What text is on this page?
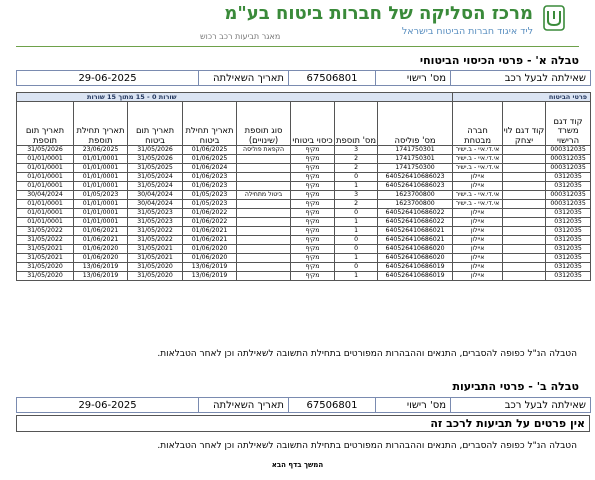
מרכז הסליקה של חברות ביטוח בע"מ
ליד איגוד חברות הביטוח בישראל
מאגר תביעות רכב רכוש
טבלה א' - פרטי הכיסוי הביטוחי
שאילתה לבעל רכב	מס' רישוי	67506801	תאריך השאילתה	29-06-2025
פרטי הביטוח			שורות 0 - 15 מתוך 15 שורות							
קוד דגם משרד הרישוי	קוד דגם לוי יצחק	חברה מבטחת	מס' פוליסה	מס' תוספת	כיסוי ביטוחי	סוג תוספת (שינויים)	תאריך תחילת ביטוח	תאריך תום ביטוח	תאריך תחילת תוספת	תאריך תום תוספת
000312035		אי.די.איי - ב.ישיר	1741750301	3	מקיף	הקפאת פוליסה	01/06/2025	31/05/2026	23/06/2025	31/05/2026
000312035		אי.די.איי - ב.ישיר	1741750301	2	מקיף		01/06/2025	31/05/2026	01/01/0001	01/01/0001
000312035		אי.די.איי - ב.ישיר	1741750300	2	מקיף		01/06/2024	31/05/2025	01/01/0001	01/01/0001
0312035		איילון	640526410686023	0	מקיף		01/06/2023	31/05/2024	01/01/0001	01/01/0001
0312035		איילון	640526410686023	1	מקיף		01/06/2023	31/05/2024	01/01/0001	01/01/0001
000312035		אי.די.איי - ב.ישיר	1623700800	3	מקיף	ביטול מתחילה	01/05/2023	30/04/2024	01/05/2023	30/04/2024
000312035		אי.די.איי - ב.ישיר	1623700800	2	מקיף		01/05/2023	30/04/2024	01/01/0001	01/01/0001
0312035		איילון	640526410686022	0	מקיף		01/06/2022	31/05/2023	01/01/0001	01/01/0001
0312035		איילון	640526410686022	1	מקיף		01/06/2022	31/05/2023	01/01/0001	01/01/0001
0312035		איילון	640526410686021	1	מקיף		01/06/2021	31/05/2022	01/06/2021	31/05/2022
0312035		איילון	640526410686021	0	מקיף		01/06/2021	31/05/2022	01/06/2021	31/05/2022
0312035		איילון	640526410686020	0	מקיף		01/06/2020	31/05/2021	01/06/2020	31/05/2021
0312035		איילון	640526410686020	1	מקיף		01/06/2020	31/05/2021	01/06/2020	31/05/2021
0312035		איילון	640526410686019	0	מקיף		13/06/2019	31/05/2020	13/06/2019	31/05/2020
0312035		איילון	640526410686019	1	מקיף		13/06/2019	31/05/2020	13/06/2019	31/05/2020
הטבלה הנ"ל כפופה להסברים, התנאים וההבהרות המפורטים בתחילת התשובה לשאילתה וכן לאחר הטבלאות.
טבלה ב' - פרטי התביעות
שאילתה לבעל רכב	מס' רישוי	67506801	תאריך השאילתה	29-06-2025
אין פרטים על תביעות לרכב זה
הטבלה הנ"ל כפופה להסברים, התנאים וההבהרות המפורטים בתחילת התשובה לשאילתה וכן לאחר הטבלאות.
המשך בדף הבא
